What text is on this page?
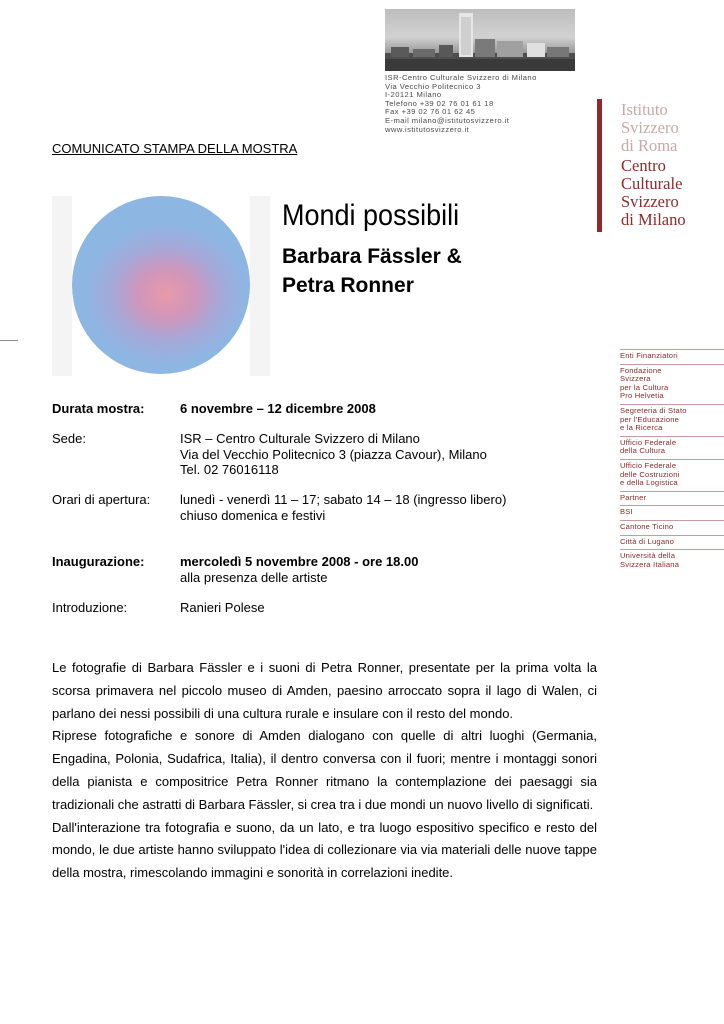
ISR-Centro Culturale Svizzero di Milano
Via Vecchio Politecnico 3
I-20121 Milano
Telefono +39 02 76 01 61 18
Fax +39 02 76 01 62 45
E-mail milano@istitutosvizzero.it
www.istitutosvizzero.it
Istituto
Svizzero
di Roma
Centro
Culturale
Svizzero
di Milano
Enti Finanziatori
Fondazione
Svizzera
per la Cultura
Pro Helvetia
Segreteria di Stato
per l'Educazione
e la Ricerca
Ufficio Federale
della Cultura
Ufficio Federale
delle Costruzioni
e della Logistica
Partner
BSI
Cantone Ticino
Città di Lugano
Università della
Svizzera Italiana
COMUNICATO STAMPA DELLA MOSTRA
Mondi possibili
Barbara Fässler &
Petra Ronner
Durata mostra:	6 novembre – 12 dicembre 2008
Sede:	ISR – Centro Culturale Svizzero di Milano
Via del Vecchio Politecnico 3 (piazza Cavour), Milano
Tel. 02 76016118
Orari di apertura: lunedì - venerdì 11 – 17; sabato 14 – 18 (ingresso libero)
chiuso domenica e festivi
Inaugurazione:	mercoledì 5 novembre 2008 - ore 18.00
alla presenza delle artiste
Introduzione:	Ranieri Polese

Le fotografie di Barbara Fässler e i suoni di Petra Ronner, presentate per la prima volta la scorsa primavera nel piccolo museo di Amden, paesino arroccato sopra il lago di Walen, ci parlano dei nessi possibili di una cultura rurale e insulare con il resto del mondo.

Riprese fotografiche e sonore di Amden dialogano con quelle di altri luoghi (Germania, Engadina, Polonia, Sudafrica, Italia), il dentro conversa con il fuori; mentre i montaggi sonori della pianista e compositrice Petra Ronner ritmano la contemplazione dei paesaggi sia tradizionali che astratti di Barbara Fässler, si crea tra i due mondi un nuovo livello di significati.

Dall'interazione tra fotografia e suono, da un lato, e tra luogo espositivo specifico e resto del mondo, le due artiste hanno sviluppato l'idea di collezionare via via materiali delle nuove tappe della mostra, rimescolando immagini e sonorità in correlazioni inedite.
